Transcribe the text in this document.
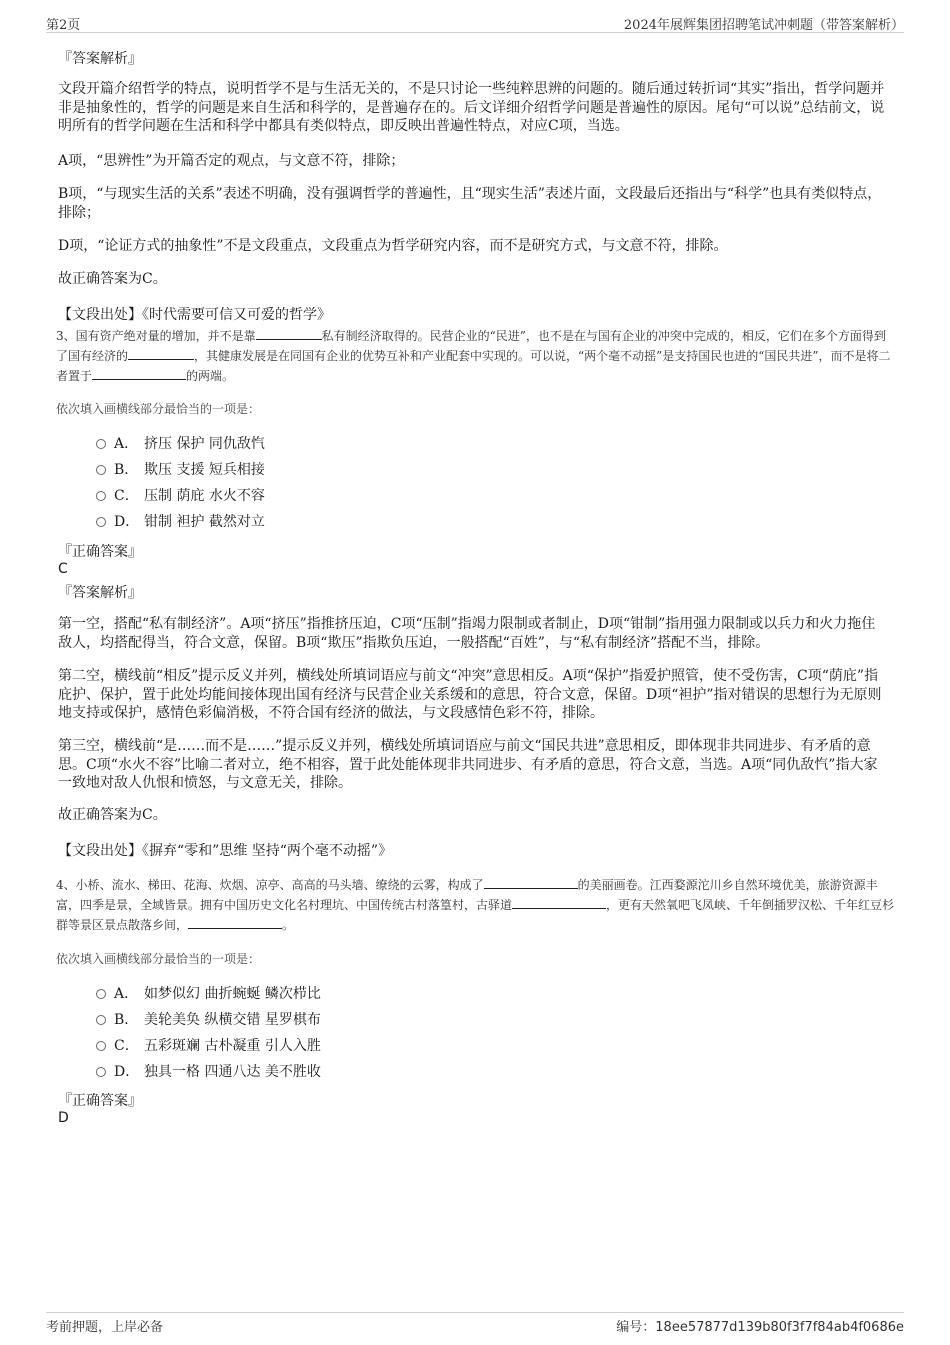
第2页	2024年展辉集团招聘笔试冲刺题（带答案解析）
『答案解析』
文段开篇介绍哲学的特点，说明哲学不是与生活无关的，不是只讨论一些纯粹思辨的问题的。随后通过转折词“其实”指出，哲学问题并非是抽象性的，哲学的问题是来自生活和科学的，是普遍存在的。后文详细介绍哲学问题是普遍性的原因。尾句“可以说”总结前文，说明所有的哲学问题在生活和科学中都具有类似特点，即反映出普遍性特点，对应C项，当选。
A项，“思辨性”为开篇否定的观点，与文意不符，排除；
B项，“与现实生活的关系”表述不明确，没有强调哲学的普遍性，且“现实生活”表述片面，文段最后还指出与“科学”也具有类似特点，排除；
D项，“论证方式的抽象性”不是文段重点，文段重点为哲学研究内容，而不是研究方式，与文意不符，排除。
故正确答案为C。
【文段出处】《时代需要可信又可爱的哲学》
3、国有资产绝对量的增加，并不是靠	私有制经济取得的。民营企业的“民进”，也不是在与国有企业的冲突中完成的，相反，它们在多个方面得到了国有经济的	，其健康发展是在同国有企业的优势互补和产业配套中实现的。可以说，“两个毫不动摇”是支持国民也进的“国民共进”，而不是将二者置于	的两端。
依次填入画横线部分最恰当的一项是：
A． 挤压 保护 同仇敌忾
B． 欺压 支援 短兵相接
C． 压制 荫庇 水火不容
D． 钳制 袒护 截然对立
『正确答案』
C
『答案解析』
第一空，搭配“私有制经济”。A项“挤压”指推挤压迫，C项“压制”指竭力限制或者制止，D项“钳制”指用强力限制或以兵力和火力拖住敌人，均搭配得当，符合文意，保留。B项“欺压”指欺负压迫，一般搭配“百姓”，与“私有制经济”搭配不当，排除。
第二空，横线前“相反”提示反义并列，横线处所填词语应与前文“冲突”意思相反。A项“保护”指爱护照管，使不受伤害，C项“荫庇”指庇护、保护，置于此处均能间接体现出国有经济与民营企业关系缓和的意思，符合文意，保留。D项“袒护”指对错误的思想行为无原则地支持或保护，感情色彩偏消极，不符合国有经济的做法，与文段感情色彩不符，排除。
第三空，横线前“是……而不是……”提示反义并列，横线处所填词语应与前文“国民共进”意思相反，即体现非共同进步、有矛盾的意思。C项“水火不容”比喻二者对立，绝不相容，置于此处能体现非共同进步、有矛盾的意思，符合文意，当选。A项“同仇敌忾”指大家一致地对敌人仇恨和愤怒，与文意无关，排除。
故正确答案为C。
【文段出处】《摒弃“零和”思维 坚持“两个毫不动摇”》
4、小桥、流水、梯田、花海、炊烟、凉亭、高高的马头墙、缭绕的云雾，构成了	的美丽画卷。江西婺源沱川乡自然环境优美，旅游资源丰富，四季是景，全域皆景。拥有中国历史文化名村理坑、中国传统古村落篁村，古驿道	，更有天然氧吧飞凤峡、千年倒插罗汉松、千年红豆杉群等景区景点散落乡间，	。
依次填入画横线部分最恰当的一项是：
A． 如梦似幻 曲折蜿蜒 鳞次栉比
B． 美轮美奂 纵横交错 星罗棋布
C． 五彩斑斓 古朴凝重 引人入胜
D． 独具一格 四通八达 美不胜收
『正确答案』
D
考前押题，上岸必备	编号：18ee57877d139b80f3f7f84ab4f0686e
